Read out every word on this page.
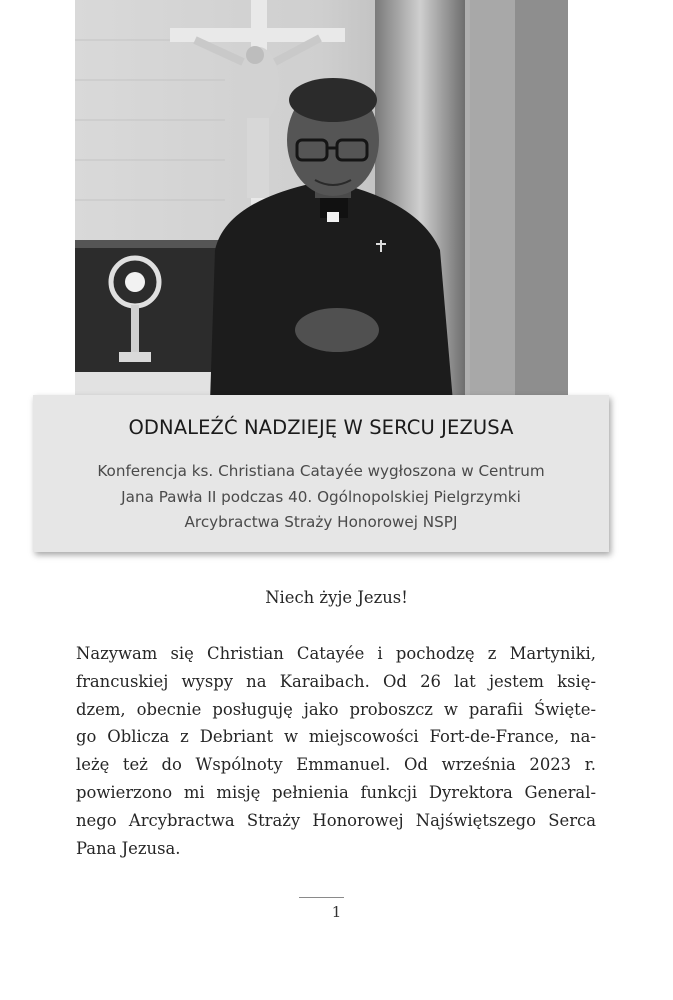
ODNALEŹĆ NADZIEJĘ W SERCU JEZUSA
Konferencja ks. Christiana Catayée wygłoszona w Centrum
Jana Pawła II podczas 40. Ogólnopolskiej Pielgrzymki
Arcybractwa Straży Honorowej NSPJ
Niech żyje Jezus!
Nazywam się Christian Catayée i pochodzę z Martyniki,
francuskiej wyspy na Karaibach. Od 26 lat jestem księ-
dzem, obecnie posługuję jako proboszcz w parafii Święte-
go Oblicza z Debriant w miejscowości Fort-de-France, na-
leżę też do Wspólnoty Emmanuel. Od września 2023 r.
powierzono mi misję pełnienia funkcji Dyrektora General-
nego Arcybractwa Straży Honorowej Najświętszego Serca
Pana Jezusa.
1
